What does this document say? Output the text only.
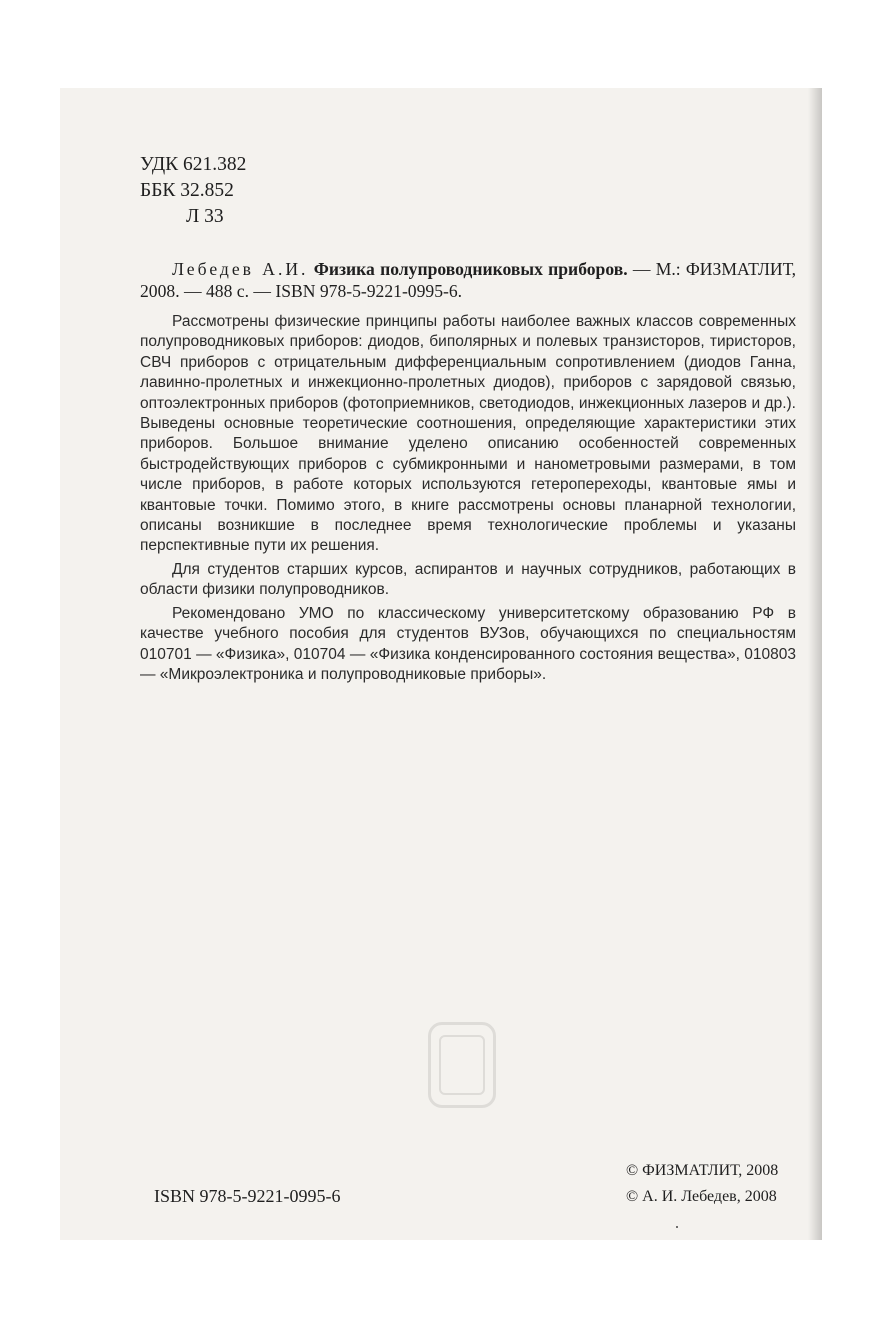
УДК 621.382
ББК 32.852
Л 33
Лебедев А.И. Физика полупроводниковых приборов. — М.: ФИЗМАТЛИТ, 2008. — 488 с. — ISBN 978-5-9221-0995-6.

Рассмотрены физические принципы работы наиболее важных классов современных полупроводниковых приборов: диодов, биполярных и полевых транзисторов, тиристоров, СВЧ приборов с отрицательным дифференциальным сопротивлением (диодов Ганна, лавинно-пролетных и инжекционно-пролетных диодов), приборов с зарядовой связью, оптоэлектронных приборов (фотоприемников, светодиодов, инжекционных лазеров и др.). Выведены основные теоретические соотношения, определяющие характеристики этих приборов. Большое внимание уделено описанию особенностей современных быстродействующих приборов с субмикронными и нанометровыми размерами, в том числе приборов, в работе которых используются гетеропереходы, квантовые ямы и квантовые точки. Помимо этого, в книге рассмотрены основы планарной технологии, описаны возникшие в последнее время технологические проблемы и указаны перспективные пути их решения.

Для студентов старших курсов, аспирантов и научных сотрудников, работающих в области физики полупроводников.

Рекомендовано УМО по классическому университетскому образованию РФ в качестве учебного пособия для студентов ВУЗов, обучающихся по специальностям 010701 — «Физика», 010704 — «Физика конденсированного состояния вещества», 010803 — «Микроэлектроника и полупроводниковые приборы».

ISBN 978-5-9221-0995-6
© ФИЗМАТЛИТ, 2008
© А. И. Лебедев, 2008
